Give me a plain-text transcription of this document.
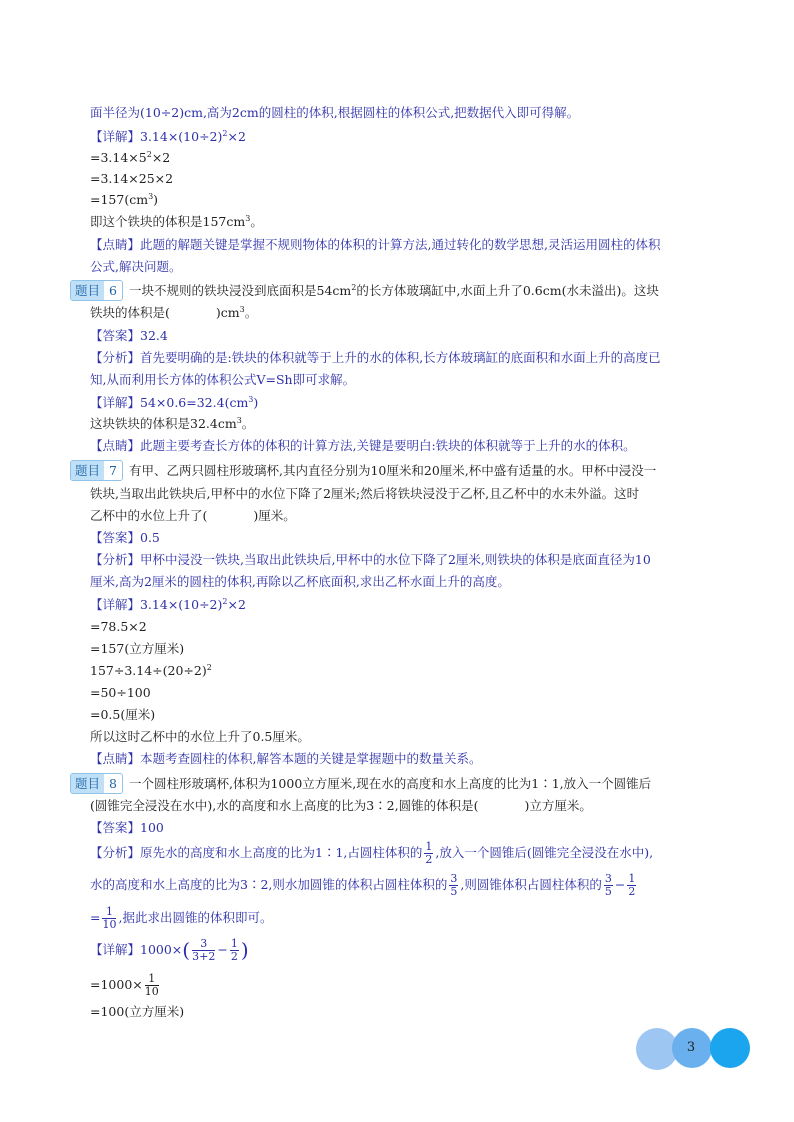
面半径为(10÷2)cm,高为2cm的圆柱的体积,根据圆柱的体积公式,把数据代入即可得解。
【详解】$3.14\times(10\div 2)^2\times 2$
$=3.14\times 5^2\times 2$
=3.14×25×2
$=157(cm^3)$
即这个铁块的体积是$157cm^3$。
【点睛】此题的解题关键是掌握不规则物体的体积的计算方法,通过转化的数学思想,灵活运用圆柱的体积
公式,解决问题。
题目 6 一块不规则的铁块浸没到底面积是$54cm^2$的长方体玻璃缸中,水面上升了0.6cm(水未溢出)。这块
铁块的体积是(	)$cm^3$。
【答案】32.4
【分析】首先要明确的是:铁块的体积就等于上升的水的体积,长方体玻璃缸的底面积和水面上升的高度已
知,从而利用长方体的体积公式V=Sh即可求解。
【详解】$54\times 0.6=32.4(cm^3)$
这块铁块的体积是$32.4cm^3$。
【点睛】此题主要考查长方体的体积的计算方法,关键是要明白:铁块的体积就等于上升的水的体积。
题目 7 有甲、乙两只圆柱形玻璃杯,其内直径分别为10厘米和20厘米,杯中盛有适量的水。甲杯中浸没一
铁块,当取出此铁块后,甲杯中的水位下降了2厘米;然后将铁块浸没于乙杯,且乙杯中的水未外溢。这时
乙杯中的水位上升了(	)厘米。
【答案】0.5
【分析】甲杯中浸没一铁块,当取出此铁块后,甲杯中的水位下降了2厘米,则铁块的体积是底面直径为10
厘米,高为2厘米的圆柱的体积,再除以乙杯底面积,求出乙杯水面上升的高度。
【详解】$3.14\times(10\div 2)^2\times 2$
=78.5×2
=157(立方厘米)
$157\div 3.14\div(20\div 2)^2$
=50÷100
=0.5(厘米)
所以这时乙杯中的水位上升了0.5厘米。
【点睛】本题考查圆柱的体积,解答本题的关键是掌握题中的数量关系。
题目 8 一个圆柱形玻璃杯,体积为1000立方厘米,现在水的高度和水上高度的比为1∶1,放入一个圆锥后
(圆锥完全浸没在水中),水的高度和水上高度的比为3∶2,圆锥的体积是(	)立方厘米。
【答案】100
【分析】原先水的高度和水上高度的比为1∶1,占圆柱体积的 $\frac{1}{2}$ ,放入一个圆锥后(圆锥完全浸没在水中),
水的高度和水上高度的比为3∶2,则水加圆锥的体积占圆柱体积的 $\frac{3}{5}$ ,则圆锥体积占圆柱体积的 $\frac{3}{5} - \frac{1}{2}$
= $\frac{1}{10}$ ,据此求出圆锥的体积即可。
【详解】$1000\times( \frac{3}{3+2} - \frac{1}{2}$ )
$=1000\times \frac{1}{10}$
=100(立方厘米)
3
